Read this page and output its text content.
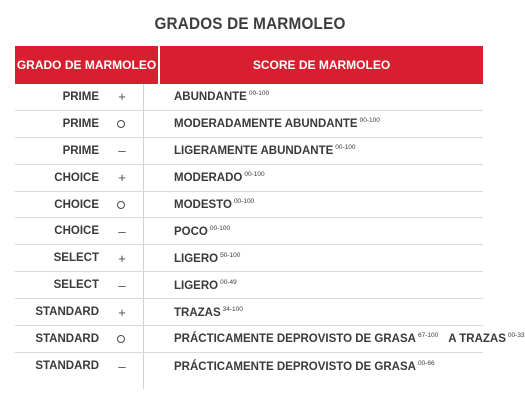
GRADOS DE MARMOLEO
GRADO DE MARMOLEO	SCORE DE MARMOLEO
PRIME +	ABUNDANTE $^{00-100}$
PRIME	MODERADAMENTE ABUNDANTE $^{00-100}$
PRIME –	LIGERAMENTE ABUNDANTE $^{00-100}$
CHOICE +	MODERADO $^{00-100}$
CHOICE	MODESTO $^{00-100}$
CHOICE –	POCO $^{00-100}$
SELECT +	LIGERO $^{50-100}$
SELECT –	LIGERO $^{00-49}$
STANDARD +	TRAZAS $^{34-100}$
STANDARD	PRÁCTICAMENTE DEPROVISTO DE GRASA $^{67-100}$ A TRAZAS $^{00-33}$
STANDARD –	PRÁCTICAMENTE DEPROVISTO DE GRASA $^{00-66}$
